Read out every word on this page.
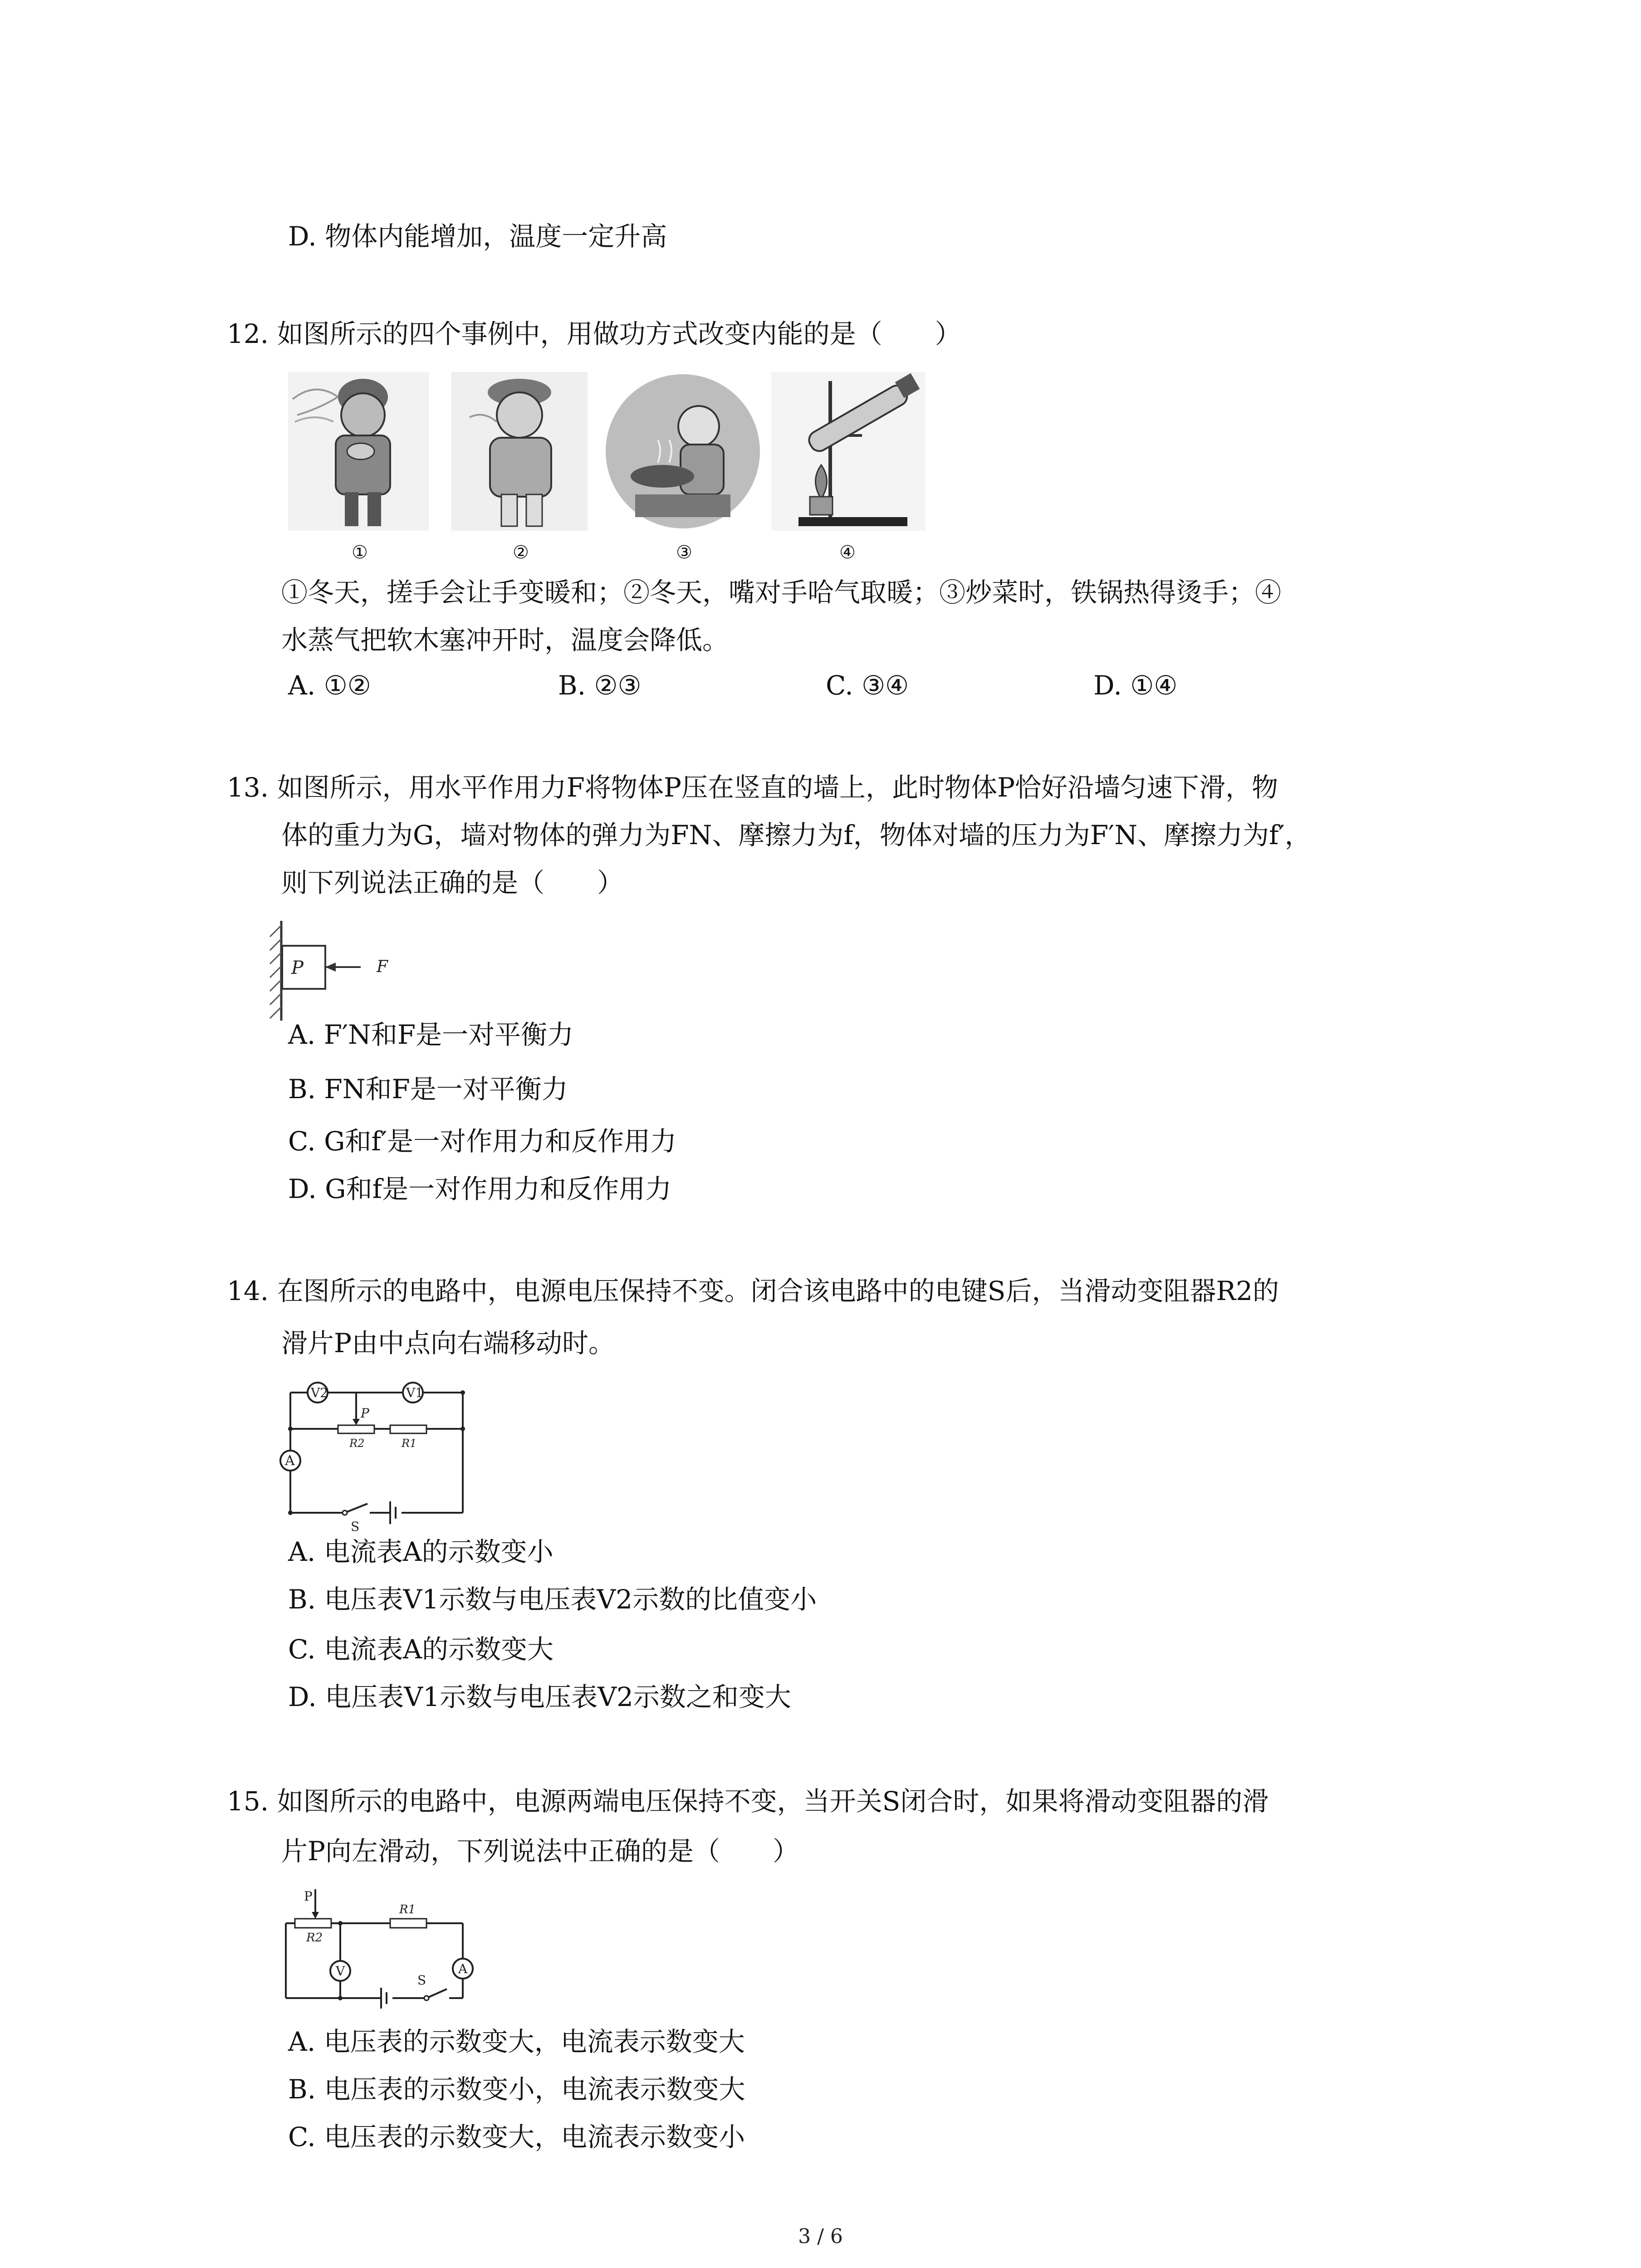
D. 物体内能增加，温度一定升高
12. 如图所示的四个事例中，用做功方式改变内能的是（　　）
①	②	③	④
①冬天，搓手会让手变暖和；②冬天，嘴对手哈气取暖；③炒菜时，铁锅热得烫手；④
水蒸气把软木塞冲开时，温度会降低。
A. ①②	B. ②③	C. ③④	D. ①④
13. 如图所示，用水平作用力F将物体P压在竖直的墙上，此时物体P恰好沿墙匀速下滑，物
体的重力为G，墙对物体的弹力为FN、摩擦力为f，物体对墙的压力为F′N、摩擦力为f′，
则下列说法正确的是（　　）
P	F
A. F′N和F是一对平衡力
B. FN和F是一对平衡力
C. G和f′是一对作用力和反作用力
D. G和f是一对作用力和反作用力
14. 在图所示的电路中，电源电压保持不变。闭合该电路中的电键S后，当滑动变阻器R2的
滑片P由中点向右端移动时。
V2	V1
P
R2	R1
A
S
A. 电流表A的示数变小
B. 电压表V1示数与电压表V2示数的比值变小
C. 电流表A的示数变大
D. 电压表V1示数与电压表V2示数之和变大
15. 如图所示的电路中，电源两端电压保持不变，当开关S闭合时，如果将滑动变阻器的滑
片P向左滑动，下列说法中正确的是（　　）
P
R2
R1
V	A
S
A. 电压表的示数变大，电流表示数变大
B. 电压表的示数变小，电流表示数变大
C. 电压表的示数变大，电流表示数变小
3 / 6
